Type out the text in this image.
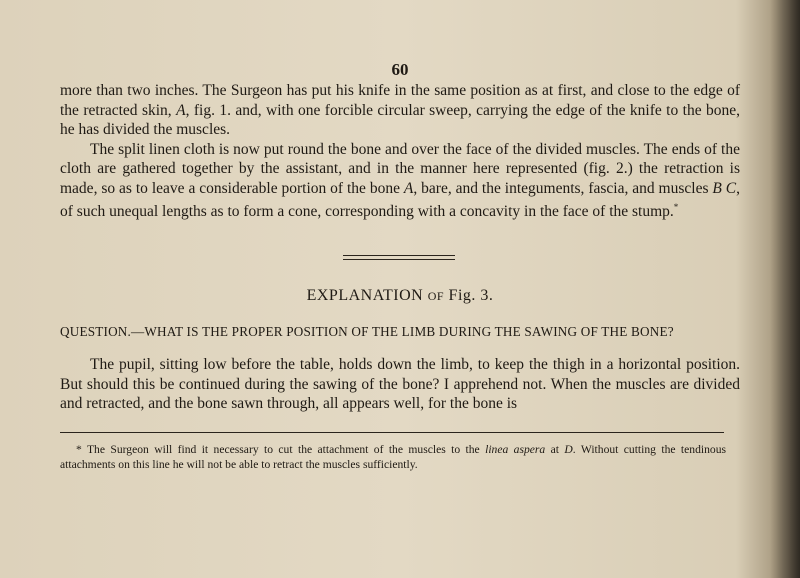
60

more than two inches. The Surgeon has put his knife in the same position as at first, and close to the edge of the retracted skin, A, fig. 1. and, with one forcible circular sweep, carrying the edge of the knife to the bone, he has divided the muscles.

The split linen cloth is now put round the bone and over the face of the divided muscles. The ends of the cloth are gathered together by the assistant, and in the manner here represented (fig. 2.) the retraction is made, so as to leave a considerable portion of the bone A, bare, and the integuments, fascia, and muscles B C, of such unequal lengths as to form a cone, corresponding with a concavity in the face of the stump.*

EXPLANATION OF Fig. 3.
QUESTION.—WHAT IS THE PROPER POSITION OF THE LIMB DURING THE SAWING OF THE BONE?

The pupil, sitting low before the table, holds down the limb, to keep the thigh in a horizontal position. But should this be continued during the sawing of the bone? I apprehend not. When the muscles are divided and retracted, and the bone sawn through, all appears well, for the bone is

* The Surgeon will find it necessary to cut the attachment of the muscles to the linea aspera at D. Without cutting the tendinous attachments on this line he will not be able to retract the muscles sufficiently.
